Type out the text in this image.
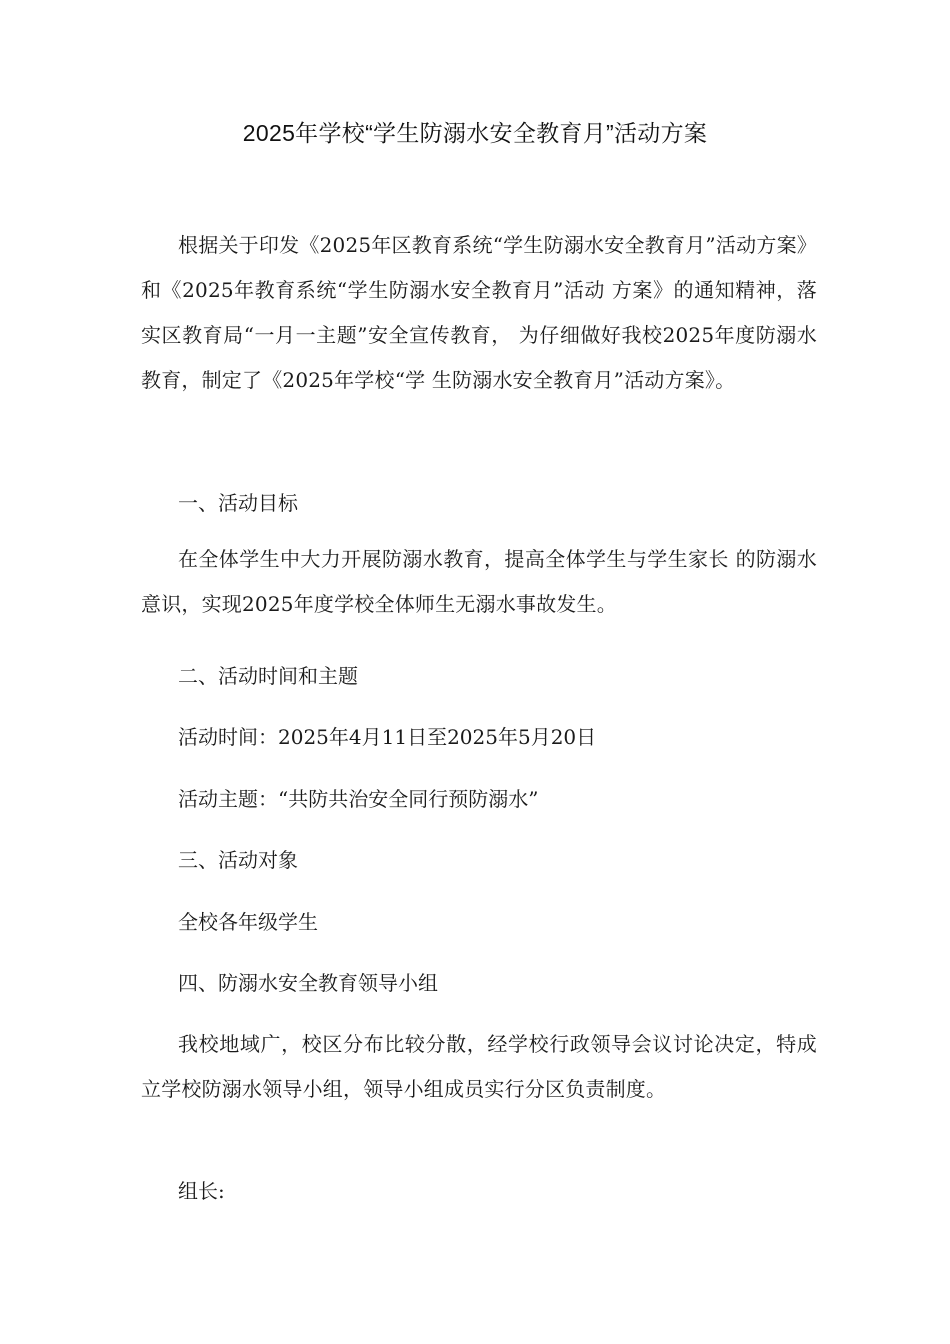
2025年学校“学生防溺水安全教育月”活动方案

根据关于印发《2025年区教育系统“学生防溺水安全教育月”活动方案》和《2025年教育系统“学生防溺水安全教育月”活动 方案》的通知精神，落实区教育局“一月一主题”安全宣传教育， 为仔细做好我校2025年度防溺水教育，制定了《2025年学校“学 生防溺水安全教育月”活动方案》。

一、活动目标

在全体学生中大力开展防溺水教育，提高全体学生与学生家长 的防溺水意识，实现2025年度学校全体师生无溺水事故发生。

二、活动时间和主题

活动时间：2025年4月11日至2025年5月20日

活动主题：“共防共治安全同行预防溺水”

三、活动对象

全校各年级学生

四、防溺水安全教育领导小组

我校地域广，校区分布比较分散，经学校行政领导会议讨论决定，特成立学校防溺水领导小组，领导小组成员实行分区负责制度。

组长:
